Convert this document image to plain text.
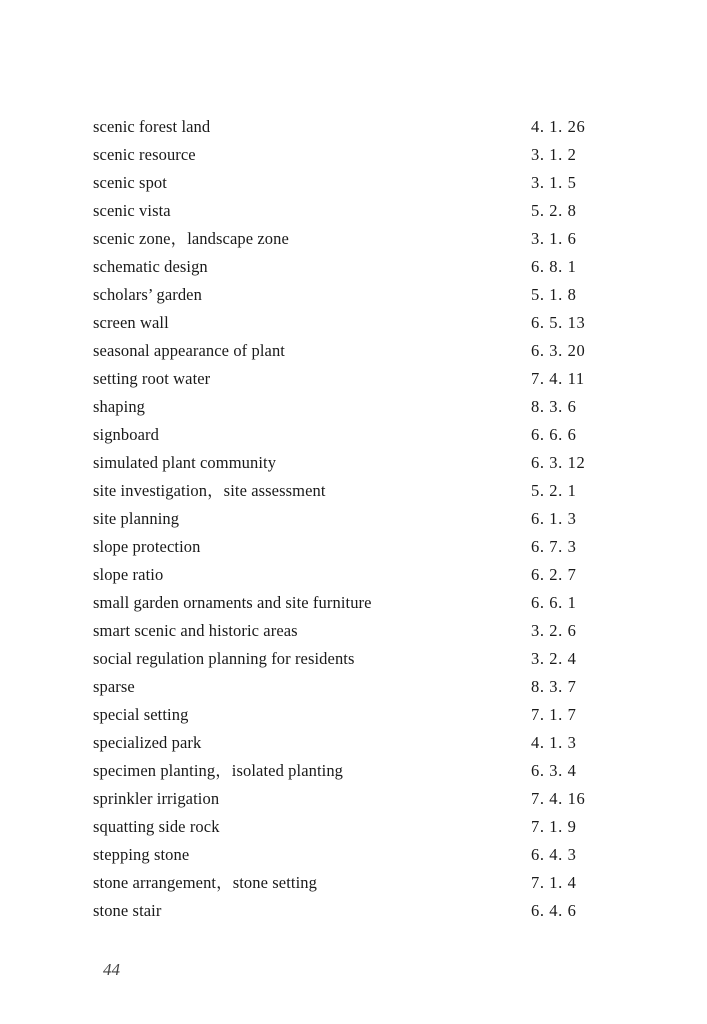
scenic forest land	4. 1. 26
scenic resource	3. 1. 2
scenic spot	3. 1. 5
scenic vista	5. 2. 8
scenic zone，landscape zone	3. 1. 6
schematic design	6. 8. 1
scholars’ garden	5. 1. 8
screen wall	6. 5. 13
seasonal appearance of plant	6. 3. 20
setting root water	7. 4. 11
shaping	8. 3. 6
signboard	6. 6. 6
simulated plant community	6. 3. 12
site investigation，site assessment	5. 2. 1
site planning	6. 1. 3
slope protection	6. 7. 3
slope ratio	6. 2. 7
small garden ornaments and site furniture	6. 6. 1
smart scenic and historic areas	3. 2. 6
social regulation planning for residents	3. 2. 4
sparse	8. 3. 7
special setting	7. 1. 7
specialized park	4. 1. 3
specimen planting，isolated planting	6. 3. 4
sprinkler irrigation	7. 4. 16
squatting side rock	7. 1. 9
stepping stone	6. 4. 3
stone arrangement，stone setting	7. 1. 4
stone stair	6. 4. 6
44
